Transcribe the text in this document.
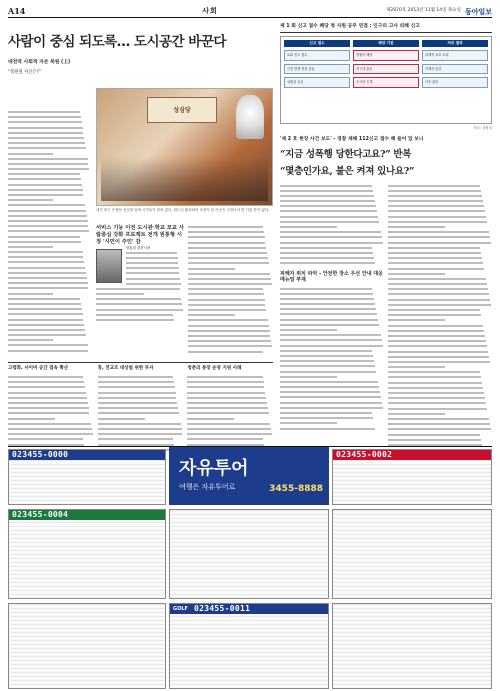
A14	사회	제2870호 2013년 11월 14일 목요일 동아일보
사람이 중심 되도록… 도시공간 바꾼다
대전역 사회적 자본 복원 (上)
“복원될 자산은?”
성심당
대전 중구 은행동 성심당 앞에 시민들이 몰려 있다. 원도심 활성화의 상징이 된 이곳은 주말마다 발 디딜 틈이 없다.
서비스 기능 이전 도시관·학교 모교 사람중심 강화 프로젝트 전개 원통형 시정 '시민이 주인' 감
염홍철 대전시장
고령화, 사이버 공간 접속 확산	휴, 전교조 대상범 위한 투자	청춘의 통장 운영 지원 사례
제 1 회 신고 접수 해당 청 지원 공무 연결 : 인구의 고사 피해 신고
신고 접수
112 신고 접수
사건 발생 현장 출동
상황실 공유
해당 기관
경찰서 배당
지구대 출동
수사과 인계
처리 결과
피해자 보호 조치
가해자 입건
사후 관리
자료: 경찰청
'제 2 호 현장 사건 보도' - 경찰 제때 112신고 접수 해 들어 있 보니
“지금 성폭행 당한다고요?” 반복
“몇층인가요, 불은 켜져 있나요?”
피해자 위치 파악 - 안전한 장소 우선 안내 대응 매뉴얼 부재
023455-0000
자유투어
여행은 자유투어로	3455-8888
023455-0002
023455-0004
GOLF 023455-0011
